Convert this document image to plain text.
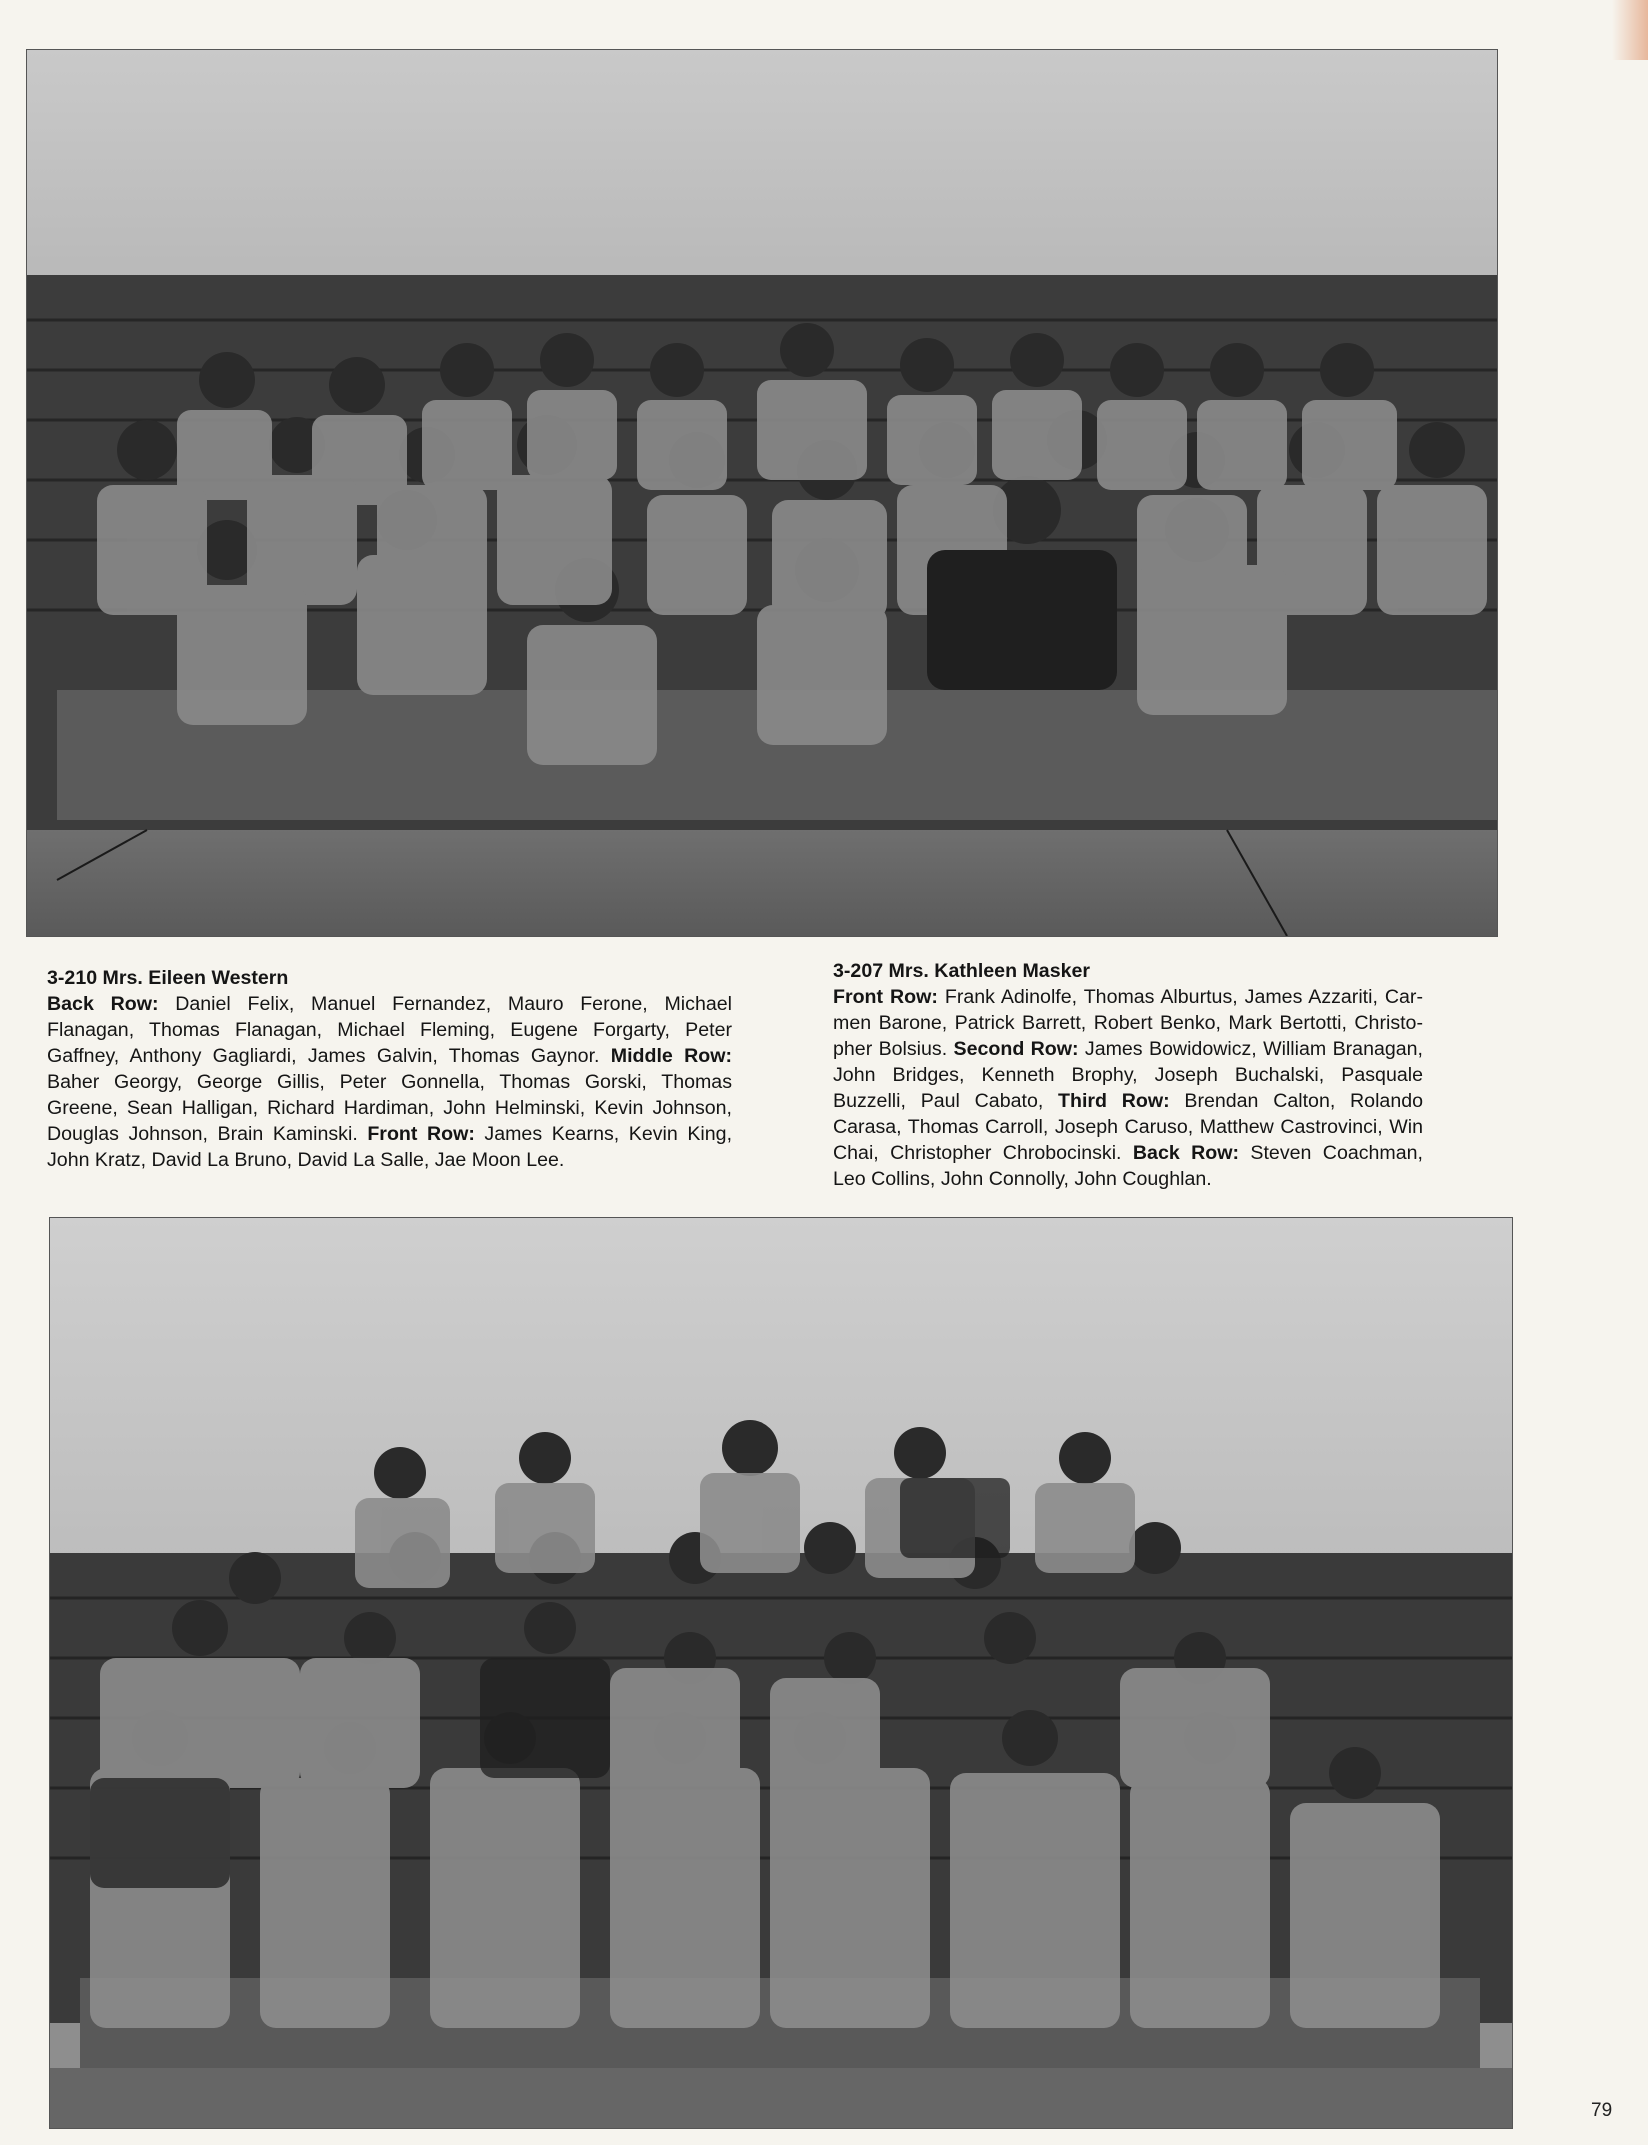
3-210 Mrs. Eileen Western
Back Row: Daniel Felix, Manuel Fernandez, Mauro Ferone, Michael Flanagan, Thomas Flanagan, Michael Fleming, Eugene Forgarty, Peter Gaffney, Anthony Gagliardi, James Galvin, Thomas Gaynor. Middle Row: Baher Georgy, George Gillis, Peter Gonnella, Thomas Gorski, Thomas Greene, Sean Halligan, Richard Hardiman, John Helminski, Kevin Johnson, Douglas Johnson, Brain Kaminski. Front Row: James Kearns, Kevin King, John Kratz, David La Bruno, David La Salle, Jae Moon Lee.
3-207 Mrs. Kathleen Masker
Front Row: Frank Adinolfe, Thomas Alburtus, James Azzariti, Carmen Barone, Patrick Barrett, Robert Benko, Mark Bertotti, Christopher Bolsius. Second Row: James Bowidowicz, William Branagan, John Bridges, Kenneth Brophy, Joseph Buchalski, Pasquale Buzzelli, Paul Cabato, Third Row: Brendan Calton, Rolando Carasa, Thomas Carroll, Joseph Caruso, Matthew Castrovinci, Win Chai, Christopher Chrobocinski. Back Row: Steven Coachman, Leo Collins, John Connolly, John Coughlan.
79
